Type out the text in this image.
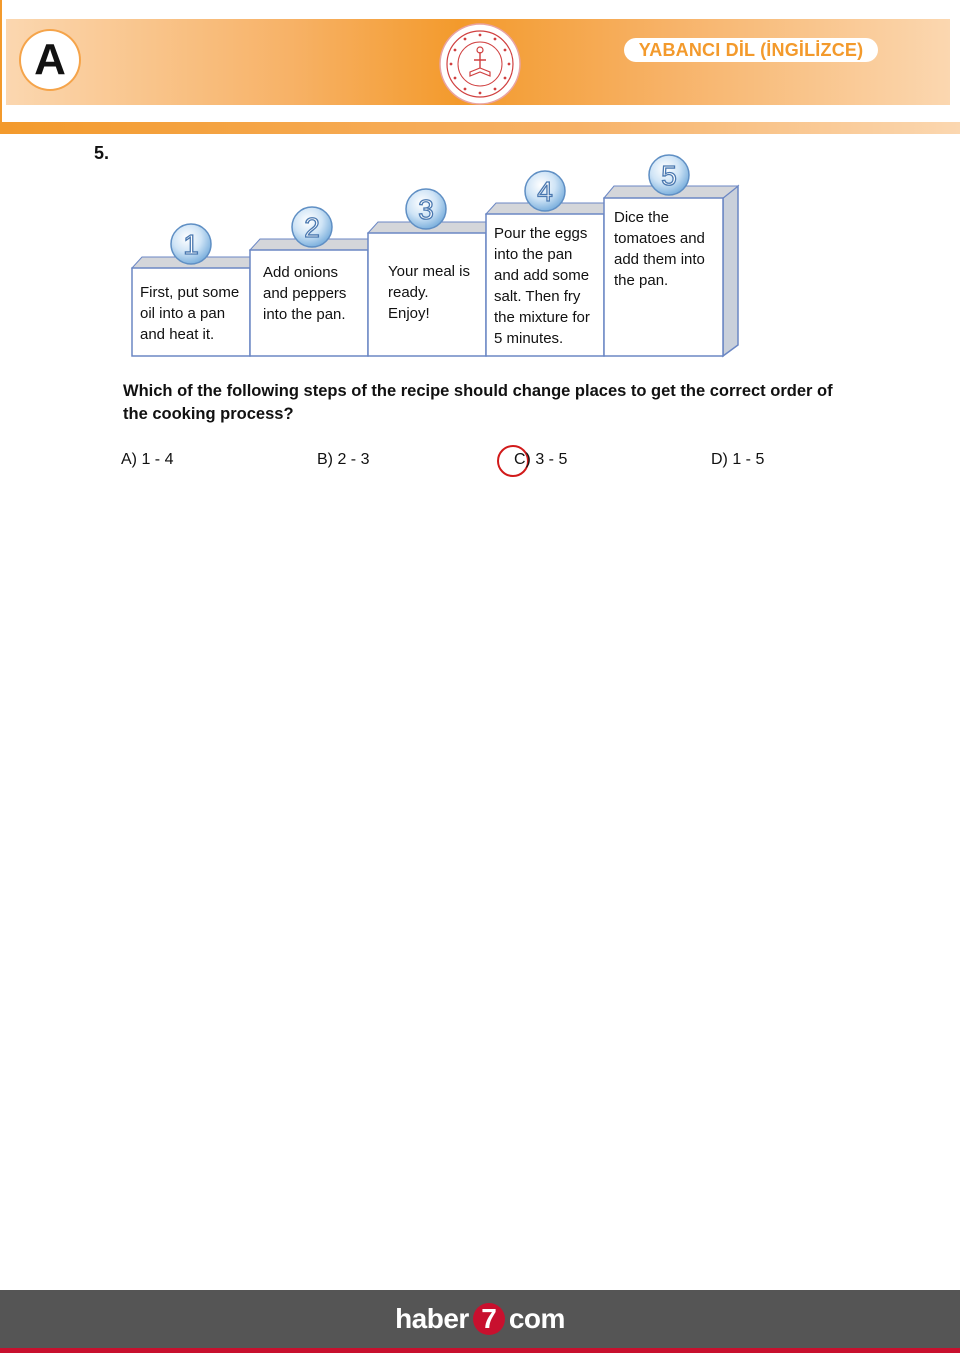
A	YABANCI DİL (İNGİLİZCE)
5.
1
2
3
4
5
First, put some
oil into a pan
and heat it.
Add onions
and peppers
into the pan.
Your meal is
ready.
Enjoy!
Pour the eggs
into the pan
and add some
salt. Then fry
the mixture for
5 minutes.
Dice the
tomatoes and
add them into
the pan.
Which of the following steps of the recipe should change places to get the correct order of
the cooking process?
A) 1 - 4	B) 2 - 3	C) 3 - 5	D) 1 - 5
haber 7 com
